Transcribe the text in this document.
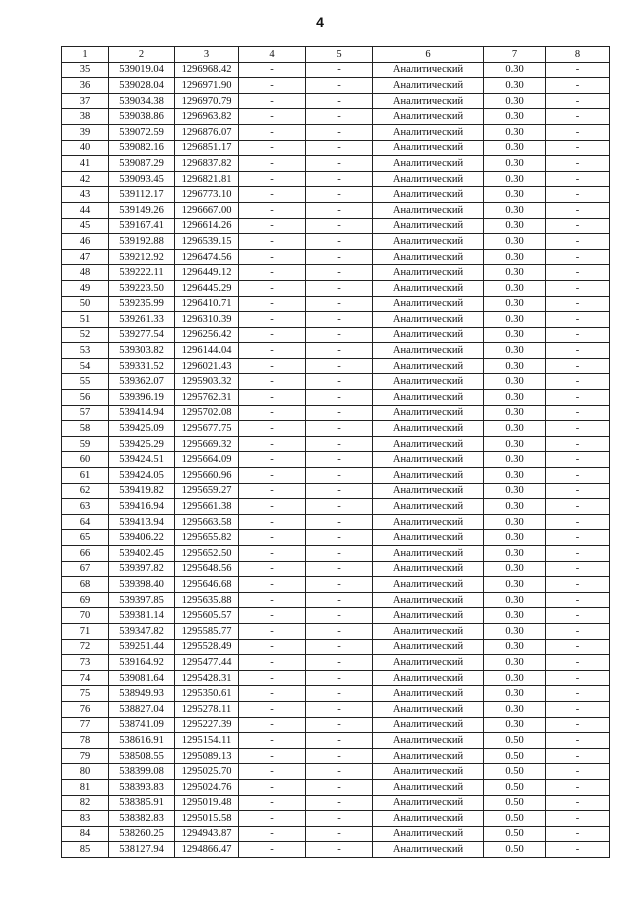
4
1	2	3	4	5	6	7	8
35	539019.04	1296968.42	-	-	Аналитический	0.30	-
36	539028.04	1296971.90	-	-	Аналитический	0.30	-
37	539034.38	1296970.79	-	-	Аналитический	0.30	-
38	539038.86	1296963.82	-	-	Аналитический	0.30	-
39	539072.59	1296876.07	-	-	Аналитический	0.30	-
40	539082.16	1296851.17	-	-	Аналитический	0.30	-
41	539087.29	1296837.82	-	-	Аналитический	0.30	-
42	539093.45	1296821.81	-	-	Аналитический	0.30	-
43	539112.17	1296773.10	-	-	Аналитический	0.30	-
44	539149.26	1296667.00	-	-	Аналитический	0.30	-
45	539167.41	1296614.26	-	-	Аналитический	0.30	-
46	539192.88	1296539.15	-	-	Аналитический	0.30	-
47	539212.92	1296474.56	-	-	Аналитический	0.30	-
48	539222.11	1296449.12	-	-	Аналитический	0.30	-
49	539223.50	1296445.29	-	-	Аналитический	0.30	-
50	539235.99	1296410.71	-	-	Аналитический	0.30	-
51	539261.33	1296310.39	-	-	Аналитический	0.30	-
52	539277.54	1296256.42	-	-	Аналитический	0.30	-
53	539303.82	1296144.04	-	-	Аналитический	0.30	-
54	539331.52	1296021.43	-	-	Аналитический	0.30	-
55	539362.07	1295903.32	-	-	Аналитический	0.30	-
56	539396.19	1295762.31	-	-	Аналитический	0.30	-
57	539414.94	1295702.08	-	-	Аналитический	0.30	-
58	539425.09	1295677.75	-	-	Аналитический	0.30	-
59	539425.29	1295669.32	-	-	Аналитический	0.30	-
60	539424.51	1295664.09	-	-	Аналитический	0.30	-
61	539424.05	1295660.96	-	-	Аналитический	0.30	-
62	539419.82	1295659.27	-	-	Аналитический	0.30	-
63	539416.94	1295661.38	-	-	Аналитический	0.30	-
64	539413.94	1295663.58	-	-	Аналитический	0.30	-
65	539406.22	1295655.82	-	-	Аналитический	0.30	-
66	539402.45	1295652.50	-	-	Аналитический	0.30	-
67	539397.82	1295648.56	-	-	Аналитический	0.30	-
68	539398.40	1295646.68	-	-	Аналитический	0.30	-
69	539397.85	1295635.88	-	-	Аналитический	0.30	-
70	539381.14	1295605.57	-	-	Аналитический	0.30	-
71	539347.82	1295585.77	-	-	Аналитический	0.30	-
72	539251.44	1295528.49	-	-	Аналитический	0.30	-
73	539164.92	1295477.44	-	-	Аналитический	0.30	-
74	539081.64	1295428.31	-	-	Аналитический	0.30	-
75	538949.93	1295350.61	-	-	Аналитический	0.30	-
76	538827.04	1295278.11	-	-	Аналитический	0.30	-
77	538741.09	1295227.39	-	-	Аналитический	0.30	-
78	538616.91	1295154.11	-	-	Аналитический	0.50	-
79	538508.55	1295089.13	-	-	Аналитический	0.50	-
80	538399.08	1295025.70	-	-	Аналитический	0.50	-
81	538393.83	1295024.76	-	-	Аналитический	0.50	-
82	538385.91	1295019.48	-	-	Аналитический	0.50	-
83	538382.83	1295015.58	-	-	Аналитический	0.50	-
84	538260.25	1294943.87	-	-	Аналитический	0.50	-
85	538127.94	1294866.47	-	-	Аналитический	0.50	-
